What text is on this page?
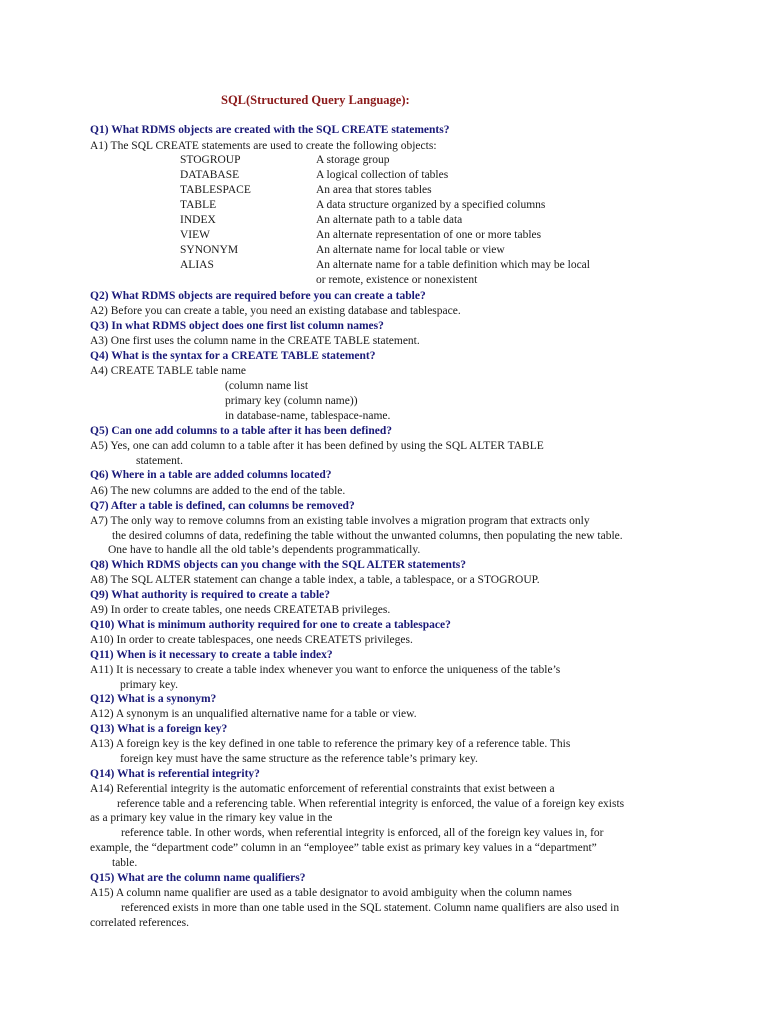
SQL(Structured Query Language):
Q1) What RDMS objects are created with the SQL CREATE statements?
A1) The SQL CREATE statements are used to create the following objects:
STOGROUP	A storage group
DATABASE	A logical collection of tables
TABLESPACE	An area that stores tables
TABLE	A data structure organized by a specified columns
INDEX	An alternate path to a table data
VIEW	An alternate representation of one or more tables
SYNONYM	An alternate name for local table or view
ALIAS	An alternate name for a table definition which may be local
or remote, existence or nonexistent
Q2) What RDMS objects are required before you can create a table?
A2) Before you can create a table, you need an existing database and tablespace.
Q3) In what RDMS object does one first list column names?
A3) One first uses the column name in the CREATE TABLE statement.
Q4) What is the syntax for a CREATE TABLE statement?
A4) CREATE TABLE table name
(column name list
primary key (column name))
in database-name, tablespace-name.
Q5) Can one add columns to a table after it has been defined?
A5) Yes, one can add column to a table after it has been defined by using the SQL ALTER TABLE
statement.
Q6) Where in a table are added columns located?
A6) The new columns are added to the end of the table.
Q7) After a table is defined, can columns be removed?
A7) The only way to remove columns from an existing table involves a migration program that extracts only
the desired columns of data, redefining the table without the unwanted columns, then populating the new table.
One have to handle all the old table’s dependents programmatically.
Q8) Which RDMS objects can you change with the SQL ALTER statements?
A8) The SQL ALTER statement can change a table index, a table, a tablespace, or a STOGROUP.
Q9) What authority is required to create a table?
A9) In order to create tables, one needs CREATETAB privileges.
Q10) What is minimum authority required for one to create a tablespace?
A10) In order to create tablespaces, one needs CREATETS privileges.
Q11) When is it necessary to create a table index?
A11) It is necessary to create a table index whenever you want to enforce the uniqueness of the table’s
primary key.
Q12) What is a synonym?
A12) A synonym is an unqualified alternative name for a table or view.
Q13) What is a foreign key?
A13) A foreign key is the key defined in one table to reference the primary key of a reference table. This
foreign key must have the same structure as the reference table’s primary key.
Q14) What is referential integrity?
A14) Referential integrity is the automatic enforcement of referential constraints that exist between a
reference table and a referencing table. When referential integrity is enforced, the value of a foreign key exists
as a primary key value in the rimary key value in the
reference table. In other words, when referential integrity is enforced, all of the foreign key values in, for
example, the “department code” column in an “employee” table exist as primary key values in a “department”
table.
Q15) What are the column name qualifiers?
A15) A column name qualifier are used as a table designator to avoid ambiguity when the column names
referenced exists in more than one table used in the SQL statement. Column name qualifiers are also used in
correlated references.
